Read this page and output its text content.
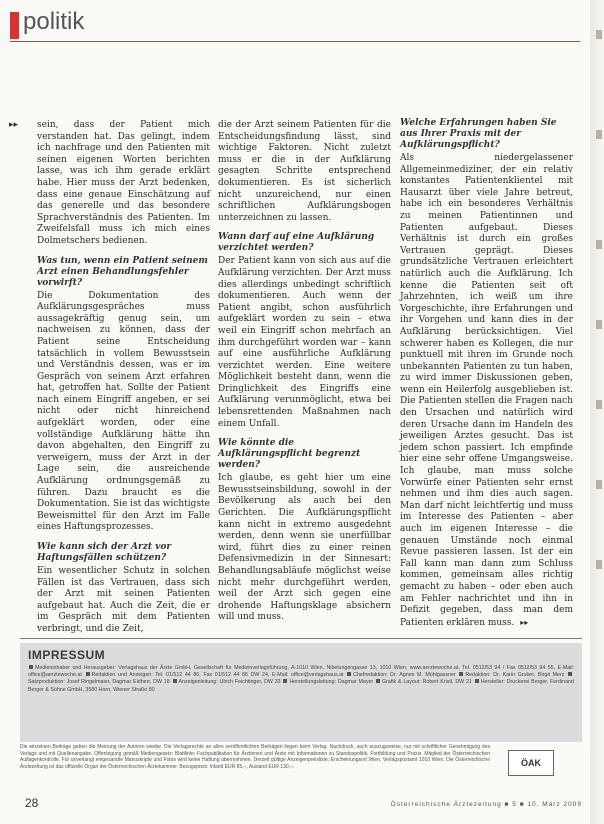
politik
▸▸ sein, dass der Patient mich verstanden hat. Das gelingt, indem ich nachfrage und den Patienten mit seinen eigenen Worten berichten lasse, was ich ihm gerade erklärt habe. Hier muss der Arzt bedenken, dass eine genaue Einschätzung auf das generelle und das besondere Sprachverständnis des Patienten. Im Zweifelsfall muss ich mich eines Dolmetschers bedienen.

Was tun, wenn ein Patient seinem Arzt einen Behandlungsfehler vorwirft?

Die Dokumentation des Aufklärungsgespräches muss aussagekräftig genug sein, um nachweisen zu können, dass der Patient seine Entscheidung tatsächlich in vollem Bewusstsein und Verständnis dessen, was er im Gespräch von seinem Arzt erfahren hat, getroffen hat. Sollte der Patient nach einem Eingriff angeben, er sei nicht oder nicht hinreichend aufgeklärt worden, oder eine vollständige Aufklärung hätte ihn davon abgehalten, den Eingriff zu verweigern, muss der Arzt in der Lage sein, die ausreichende Aufklärung ordnungsgemäß zu führen. Dazu braucht es die Dokumentation. Sie ist das wichtigste Beweismittel für den Arzt im Falle eines Haftungsprozesses.

Wie kann sich der Arzt vor Haftungsfällen schützen?

Ein wesentlicher Schutz in solchen Fällen ist das Vertrauen, dass sich der Arzt mit seinen Patienten aufgebaut hat. Auch die Zeit, die er im Gespräch mit dem Patienten verbringt, und die Zeit,

die der Arzt seinem Patienten für die Entscheidungsfindung lässt, sind wichtige Faktoren. Nicht zuletzt muss er die in der Aufklärung gesagten Schritte entsprechend dokumentieren. Es ist sicherlich nicht unzureichend, nur einen schriftlichen Aufklärungsbogen unterzeichnen zu lassen.

Wann darf auf eine Aufklärung verzichtet werden?

Der Patient kann von sich aus auf die Aufklärung verzichten. Der Arzt muss dies allerdings unbedingt schriftlich dokumentieren. Auch wenn der Patient angibt, schon ausführlich aufgeklärt worden zu sein – etwa weil ein Eingriff schon mehrfach an ihm durchgeführt worden war – kann auf eine ausführliche Aufklärung verzichtet werden. Eine weitere Möglichkeit besteht dann, wenn die Dringlichkeit des Eingriffs eine Aufklärung verunmöglicht, etwa bei lebensrettenden Maßnahmen nach einem Unfall.

Wie könnte die Aufklärungspflicht begrenzt werden?

Ich glaube, es geht hier um eine Bewusstseinsbildung, sowohl in der Bevölkerung als auch bei den Gerichten. Die Aufklärungspflicht kann nicht in extremo ausgedehnt werden, denn wenn sie unerfüllbar wird, führt dies zu einer reinen Defensivmedizin in der Sinnesart: Behandlungsabläufe möglichst weise nicht mehr durchgeführt werden, weil der Arzt sich gegen eine drohende Haftungsklage absichern will und muss.

Welche Erfahrungen haben Sie aus Ihrer Praxis mit der Aufklärungspflicht?

Als niedergelassener Allgemeinmediziner, der ein relativ konstantes Patientenklientel mit Hausarzt über viele Jahre betreut, habe ich ein besonderes Verhältnis zu meinen Patientinnen und Patienten aufgebaut. Dieses Verhältnis ist durch ein großes Vertrauen geprägt. Dieses grundsätzliche Vertrauen erleichtert natürlich auch die Aufklärung. Ich kenne die Patienten seit oft Jahrzehnten, ich weiß um ihre Vorgeschichte, ihre Erfahrungen und ihr Vorgehen und kann dies in der Aufklärung berücksichtigen. Viel schwerer haben es Kollegen, die nur punktuell mit ihren im Grunde noch unbekannten Patienten zu tun haben, zu wird immer Diskussionen geben, wenn ein Heilerfolg ausgeblieben ist. Die Patienten stellen die Fragen nach den Ursachen und natürlich wird deren Ursache dann im Handeln des jeweiligen Arztes gesucht. Das ist jedem schon passiert. Ich empfinde hier eine sehr offene Umgangsweise. Ich glaube, man muss solche Vorwürfe einer Patienten sehr ernst nehmen und ihm dies auch sagen. Man darf nicht leichtfertig und muss im Interesse des Patienten – aber auch im eigenen Interesse – die genauen Umstände noch einmal Revue passieren lassen. Ist der ein Fall kann man dann zum Schluss kommen, gemeinsam alles richtig gemacht zu haben – oder eben auch am Fehler nachrichtet und ihn in Defizit gegeben, dass man dem Patienten erklären muss. ▸▸

IMPRESSUM
Medieninhaber und Herausgeber: Verlagshaus der Ärzte GmbH, Gesellschaft für Medizinverlagsführung, A-1010 Wien, Nibelungengasse 13, 1010 Wien, www.aerztewoche.at, Tel. 0512/53 94 / Fax 0512/53 94 55, E-Mail: office@aerztewoche.at Redaktion und Anzeigen: Tel. 01/512 44 86, Fax 01/512 44 86 DW 24, E-Mail: office@verlagshaus.at Chefredaktion: Dr. Agnes M. Mühlgassner Redaktion: Dr. Karin Gruber, Birgit Merz Satzproduktion: Josef Ringelmaier, Dagmar Eidherr, DW 18 Anzeigenleitung: Ulrich Feichtinger, DW 33 Herstellungsleitung: Dagmar Mayer Grafik & Layout: Robert Kristl, DW 21 Hersteller: Druckerei Berger, Ferdinand Berger & Söhne GmbH, 3580 Horn, Wiener Straße 80
Die einzelnen Beiträge geben die Meinung der Autoren wieder. Die Verlagsrechte an allen veröffentlichten Beiträgen liegen beim Verlag. Nachdruck, auch auszugsweise, nur mit schriftlicher Genehmigung des Verlags und mit Quellenangabe. Offenlegung gemäß Mediengesetz: Blattlinie: Fachpublikation für Ärztinnen und Ärzte mit Informationen zu Standespolitik, Fortbildung und Praxis. Mitglied der Österreichischen Auflagenkontrolle. Für unverlangt eingesandte Manuskripte und Fotos wird keine Haftung übernommen. Derzeit gültige Anzeigenpreisliste; Erscheinungsort Wien, Verlagspostamt 1010 Wien. Die Österreichische Ärztezeitung ist das offizielle Organ der Österreichischen Ärztekammer. Bezugspreis: Inland EUR 85,–, Ausland EUR 130,–.	ÖAK
28	Österreichische Ärztezeitung ■ 5 ■ 10. März 2009
